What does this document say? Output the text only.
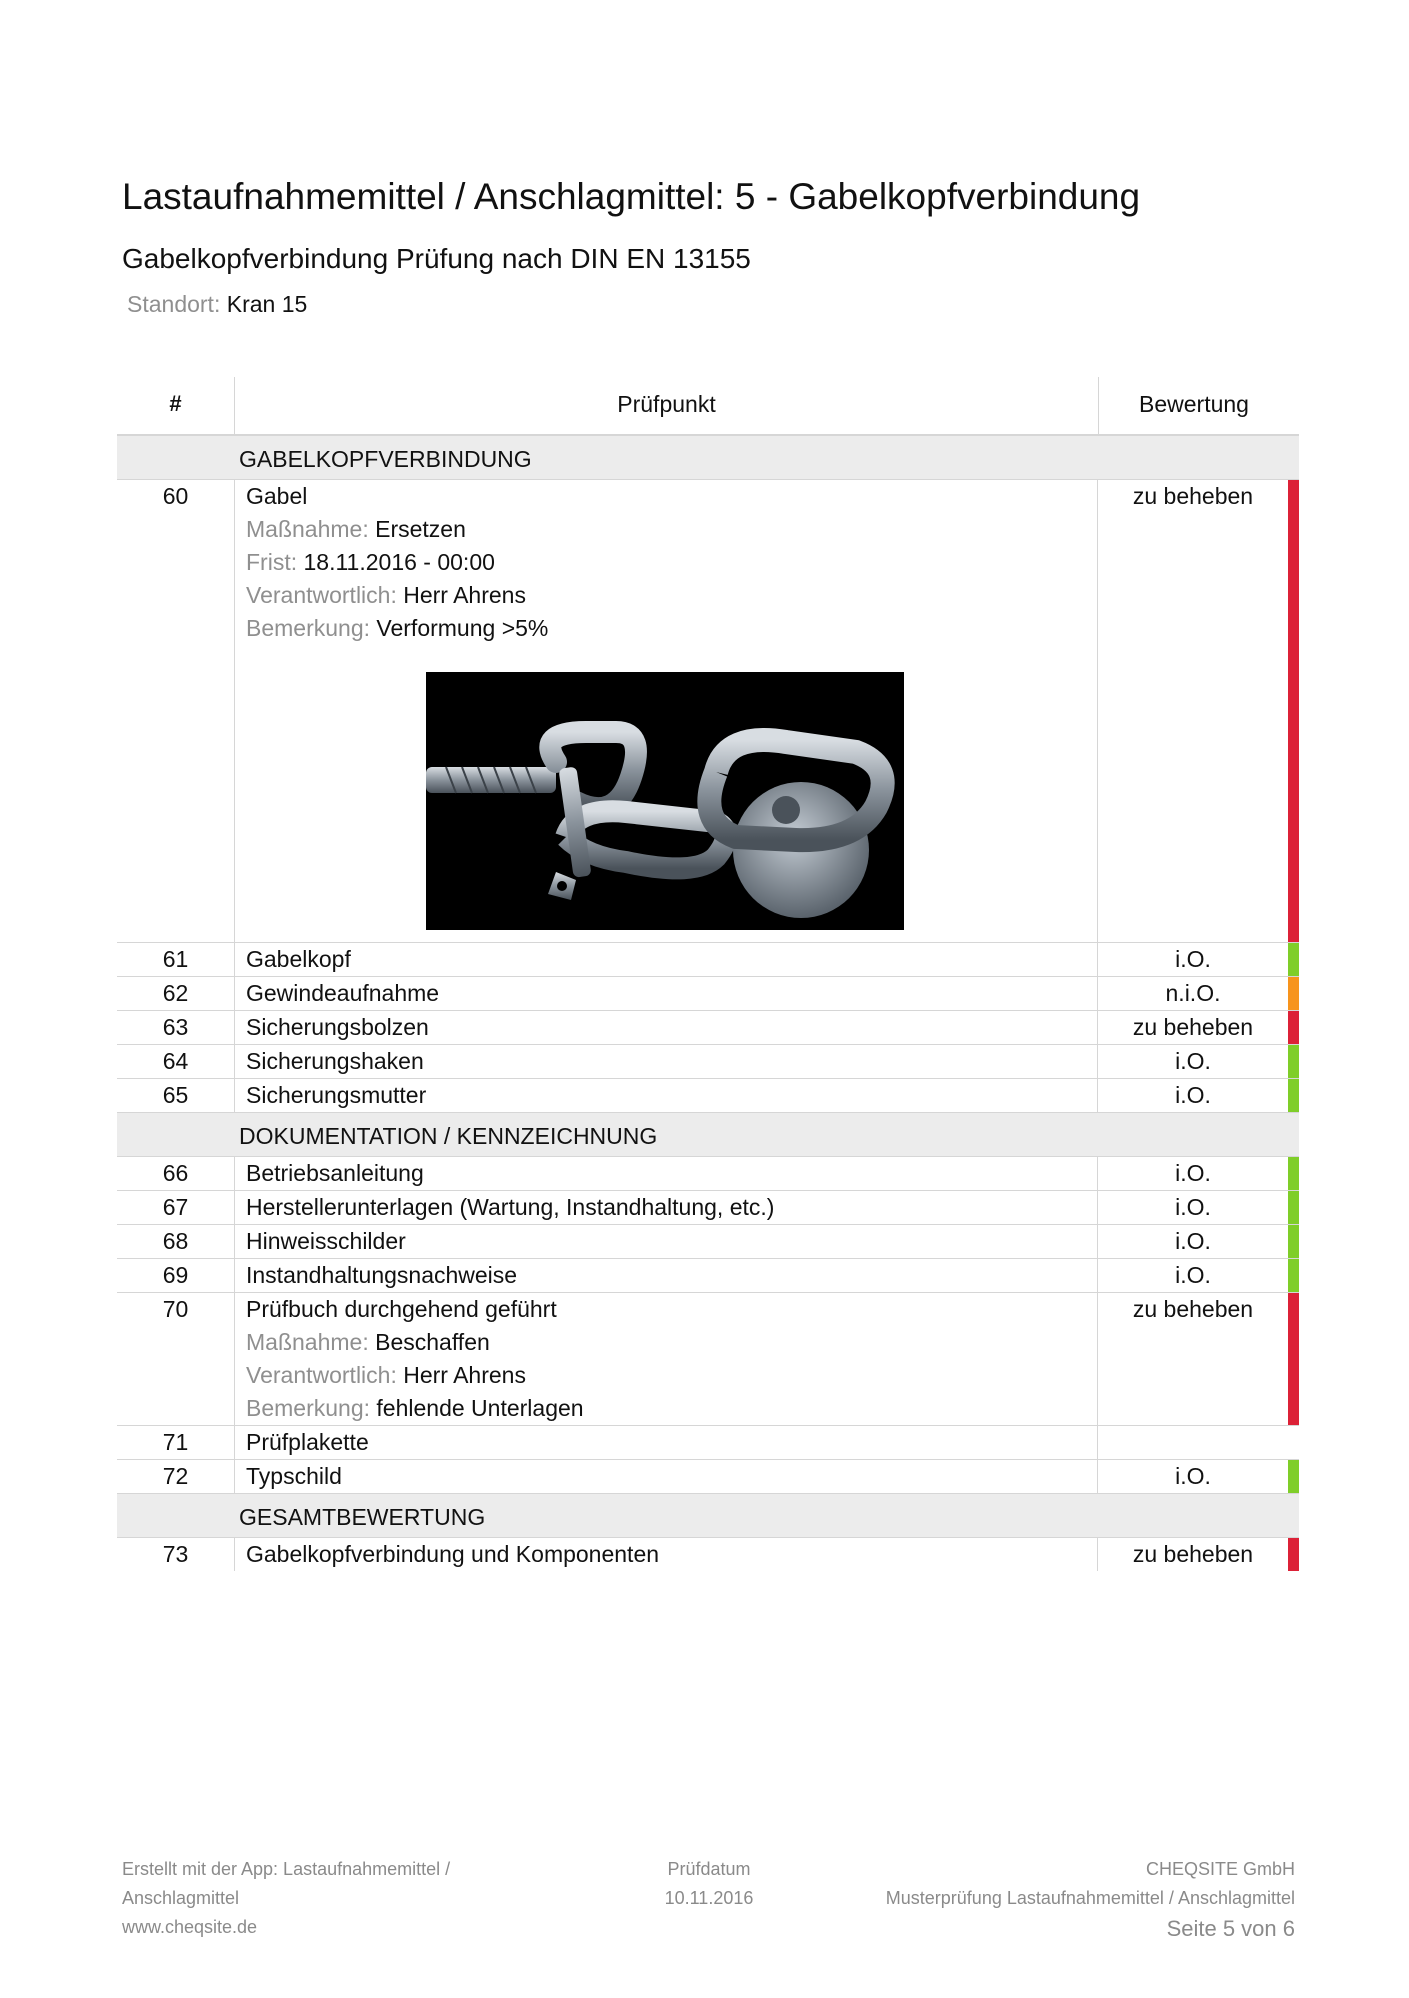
Lastaufnahmemittel / Anschlagmittel: 5 - Gabelkopfverbindung
Gabelkopfverbindung Prüfung nach DIN EN 13155
Standort: Kran 15
#	Prüfpunkt	Bewertung
GABELKOPFVERBINDUNG
60	Gabel
Maßnahme: Ersetzen
Frist: 18.11.2016 - 00:00
Verantwortlich: Herr Ahrens
Bemerkung: Verformung >5%
zu beheben
61	Gabelkopf	i.O.
62	Gewindeaufnahme	n.i.O.
63	Sicherungsbolzen	zu beheben
64	Sicherungshaken	i.O.
65	Sicherungsmutter	i.O.
DOKUMENTATION / KENNZEICHNUNG
66	Betriebsanleitung	i.O.
67	Herstellerunterlagen (Wartung, Instandhaltung, etc.)	i.O.
68	Hinweisschilder	i.O.
69	Instandhaltungsnachweise	i.O.
70	Prüfbuch durchgehend geführt
Maßnahme: Beschaffen
Verantwortlich: Herr Ahrens
Bemerkung: fehlende Unterlagen
zu beheben
71	Prüfplakette
72	Typschild	i.O.
GESAMTBEWERTUNG
73	Gabelkopfverbindung und Komponenten	zu beheben
Erstellt mit der App: Lastaufnahmemittel /
Anschlagmittel
www.cheqsite.de
Prüfdatum
10.11.2016
CHEQSITE GmbH
Musterprüfung Lastaufnahmemittel / Anschlagmittel
Seite 5 von 6
